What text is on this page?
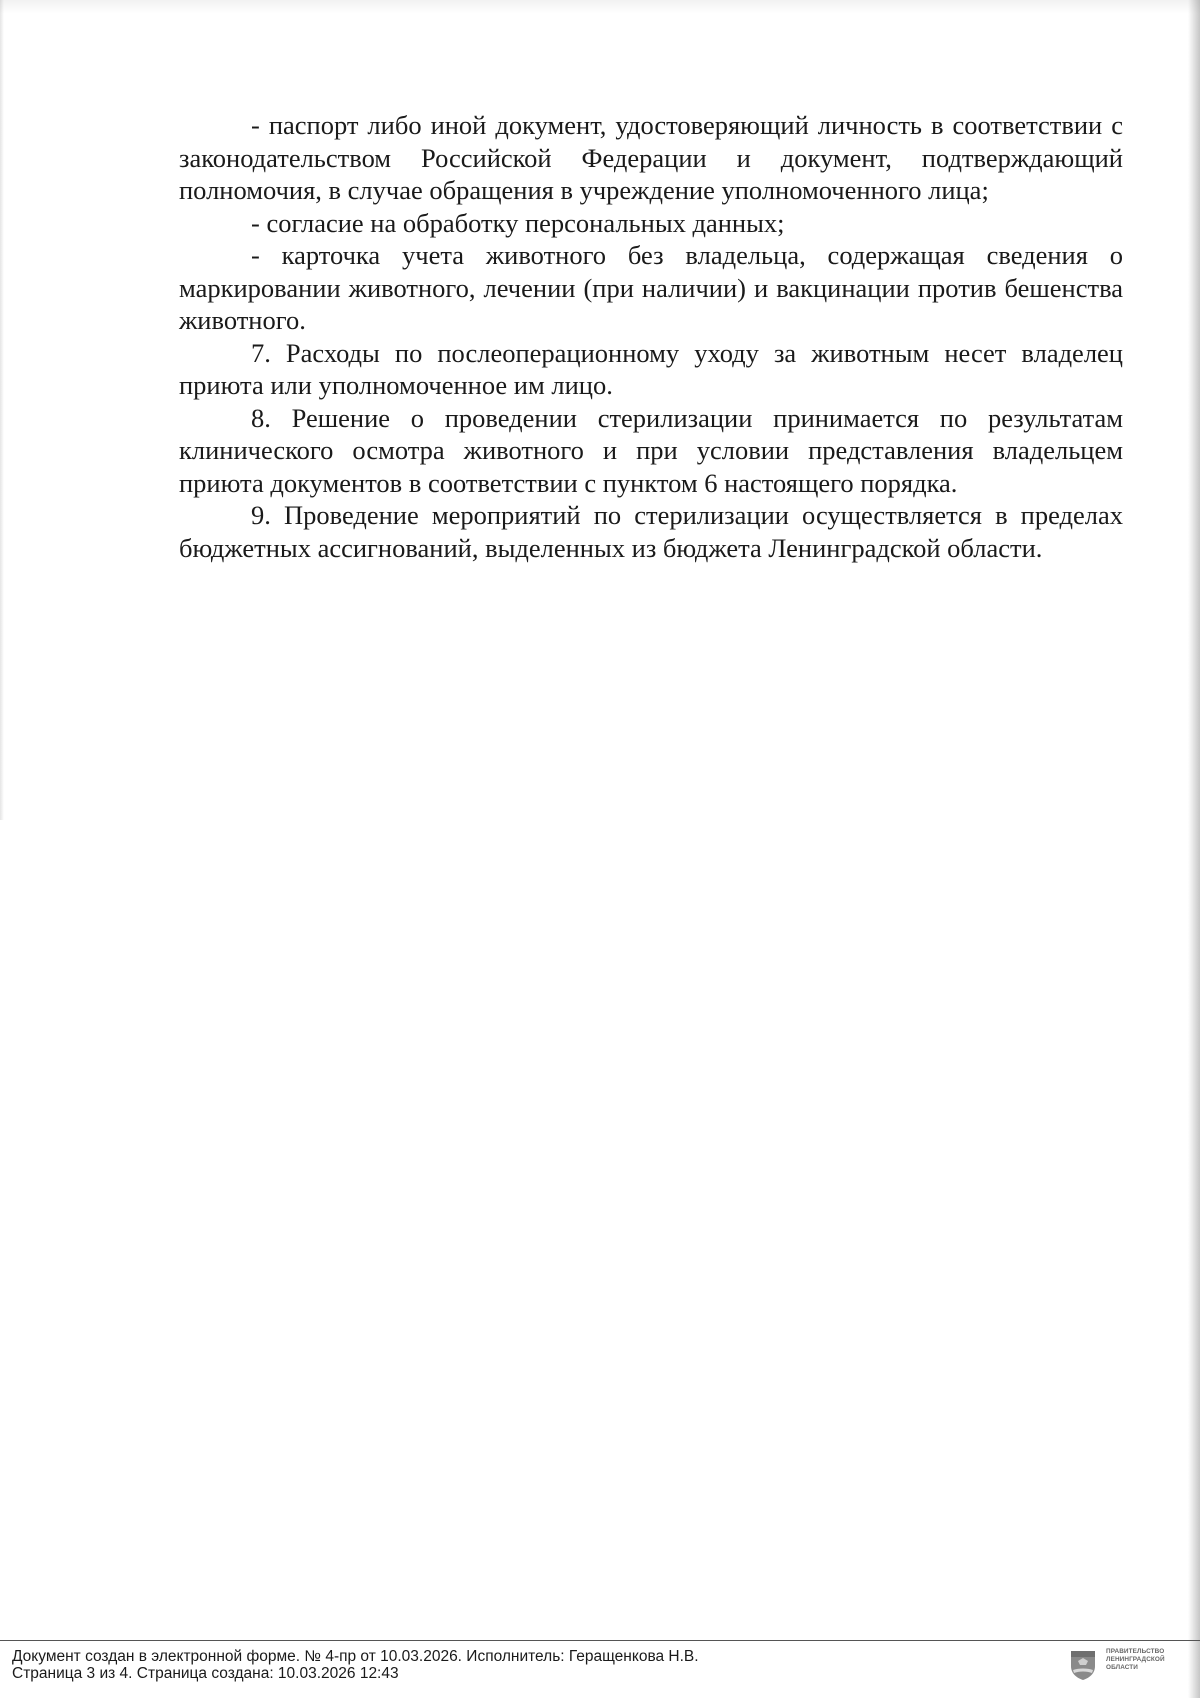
- паспорт либо иной документ, удостоверяющий личность в соответствии с законодательством Российской Федерации и документ, подтверждающий полномочия, в случае обращения в учреждение уполномоченного лица;

- согласие на обработку персональных данных;

- карточка учета животного без владельца, содержащая сведения о маркировании животного, лечении (при наличии) и вакцинации против бешенства животного.

7. Расходы по послеоперационному уходу за животным несет владелец приюта или уполномоченное им лицо.

8. Решение о проведении стерилизации принимается по результатам клинического осмотра животного и при условии представления владельцем приюта документов в соответствии с пунктом 6 настоящего порядка.

9. Проведение мероприятий по стерилизации осуществляется в пределах бюджетных ассигнований, выделенных из бюджета Ленинградской области.

Документ создан в электронной форме. № 4-пр от 10.03.2026. Исполнитель: Геращенкова Н.В.
Страница 3 из 4. Страница создана: 10.03.2026 12:43
ПРАВИТЕЛЬСТВО
ЛЕНИНГРАДСКОЙ
ОБЛАСТИ
